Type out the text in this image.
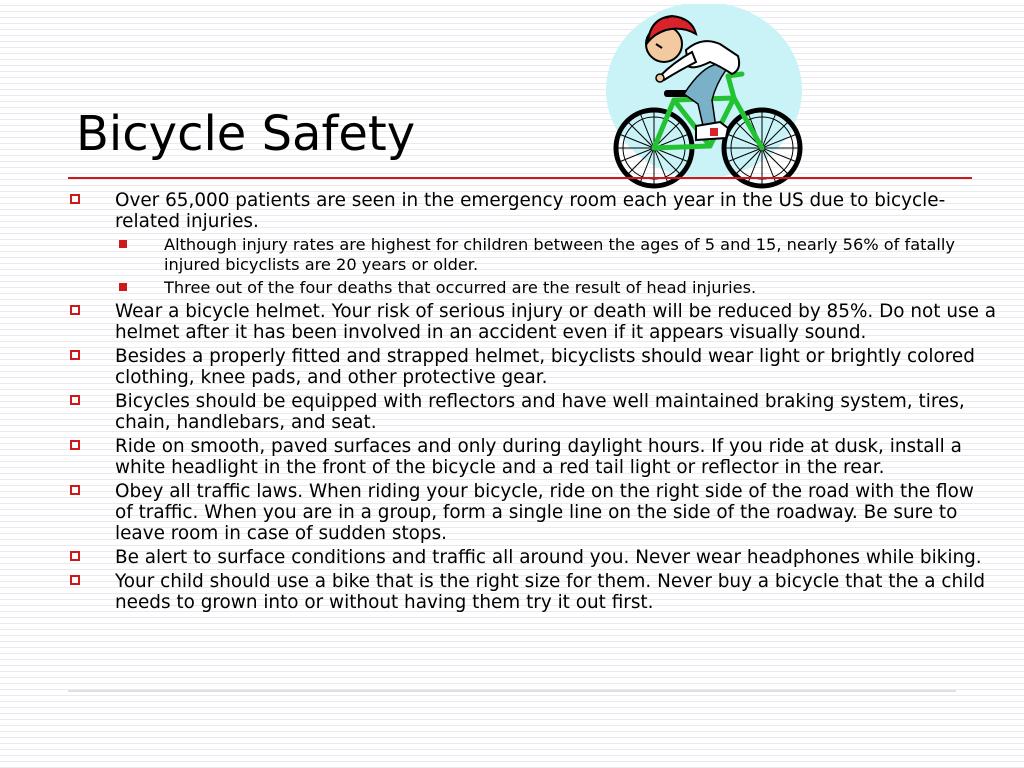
Bicycle Safety
Over 65,000 patients are seen in the emergency room each year in the US due to bicycle-related injuries.
Although injury rates are highest for children between the ages of 5 and 15, nearly 56% of fatally injured bicyclists are 20 years or older.
Three out of the four deaths that occurred are the result of head injuries.
Wear a bicycle helmet. Your risk of serious injury or death will be reduced by 85%. Do not use a helmet after it has been involved in an accident even if it appears visually sound.
Besides a properly fitted and strapped helmet, bicyclists should wear light or brightly colored clothing, knee pads, and other protective gear.
Bicycles should be equipped with reflectors and have well maintained braking system, tires, chain, handlebars, and seat.
Ride on smooth, paved surfaces and only during daylight hours. If you ride at dusk, install a white headlight in the front of the bicycle and a red tail light or reflector in the rear.
Obey all traffic laws. When riding your bicycle, ride on the right side of the road with the flow of traffic. When you are in a group, form a single line on the side of the roadway. Be sure to leave room in case of sudden stops.
Be alert to surface conditions and traffic all around you. Never wear headphones while biking.
Your child should use a bike that is the right size for them. Never buy a bicycle that the a child needs to grown into or without having them try it out first.
